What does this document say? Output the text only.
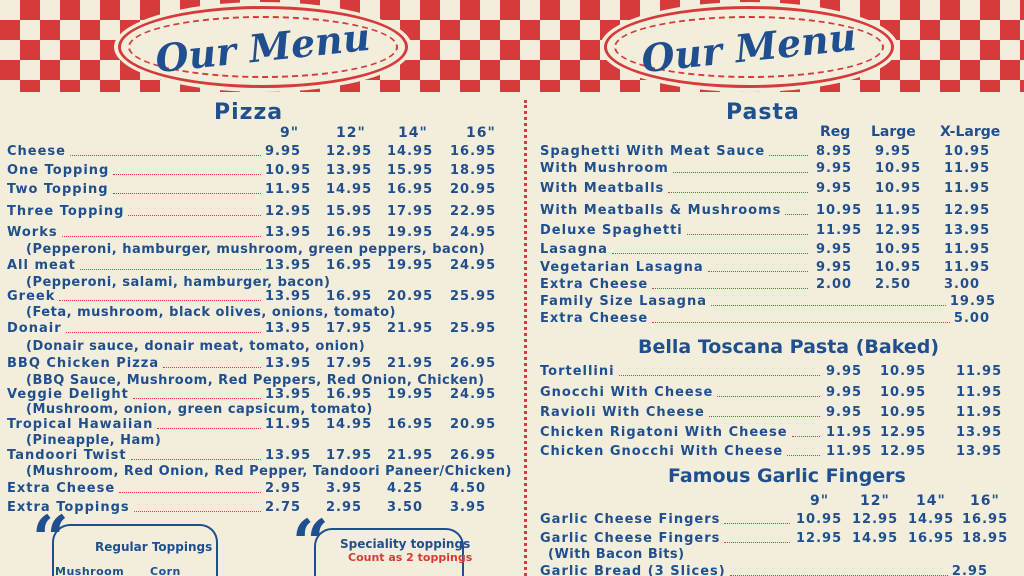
Our Menu	Our Menu
Pizza
9"	12" 14"	16"
Cheese	9.95 12.95 14.95 16.95
One Topping	10.95 13.95 15.95 18.95
Two Topping	11.95 14.95 16.95 20.95
Three Topping	12.95 15.95 17.95 22.95
Works	13.95 16.95 19.95 24.95
All meat	13.95 16.95 19.95 24.95
Greek	13.95 16.95 20.95 25.95
Donair	13.95 17.95 21.95 25.95
BBQ Chicken Pizza	13.95 17.95 21.95 26.95
Veggie Delight	13.95 16.95 19.95 24.95
Tropical Hawaiian	11.95 14.95 16.95 20.95
Tandoori Twist	13.95 17.95 21.95 26.95
Extra Cheese	2.95 3.95 4.25 4.50
Extra Toppings	2.75 2.95 3.50 3.95
(Pepperoni, hamburger, mushroom, green peppers, bacon)
(Pepperoni, salami, hamburger, bacon)
(Feta, mushroom, black olives, onions, tomato)
(Donair sauce, donair meat, tomato, onion)
(BBQ Sauce, Mushroom, Red Peppers, Red Onion, Chicken)
(Mushroom, onion, green capsicum, tomato)
(Pineapple, Ham)
(Mushroom, Red Onion, Red Pepper, Tandoori Paneer/Chicken)
“ Regular Toppings
Mushroom Corn “ Speciality toppings
Count as 2 toppings
Pasta
Reg Large X-Large
Spaghetti With Meat Sauce	8.95 9.95	10.95
With Mushroom	9.95 10.95 11.95
With Meatballs	9.95 10.95 11.95
With Meatballs & Mushrooms	10.95 11.95 12.95
Deluxe Spaghetti	11.95 12.95 13.95
Lasagna	9.95 10.95 11.95
Vegetarian Lasagna	9.95 10.95 11.95
Extra Cheese	2.00 2.50	3.00
Family Size Lasagna	19.95
Extra Cheese	5.00
Bella Toscana Pasta (Baked)
Tortellini	9.95 10.95 11.95
Gnocchi With Cheese	9.95 10.95 11.95
Ravioli With Cheese	9.95 10.95 11.95
Chicken Rigatoni With Cheese	11.95 12.95 13.95
Chicken Gnocchi With Cheese	11.95 12.95 13.95
Famous Garlic Fingers
9" 12" 14" 16"
Garlic Cheese Fingers	10.95 12.95 14.95 16.95
Garlic Cheese Fingers	12.95 14.95 16.95 18.95
(With Bacon Bits)
Garlic Bread (3 Slices)	2.95
